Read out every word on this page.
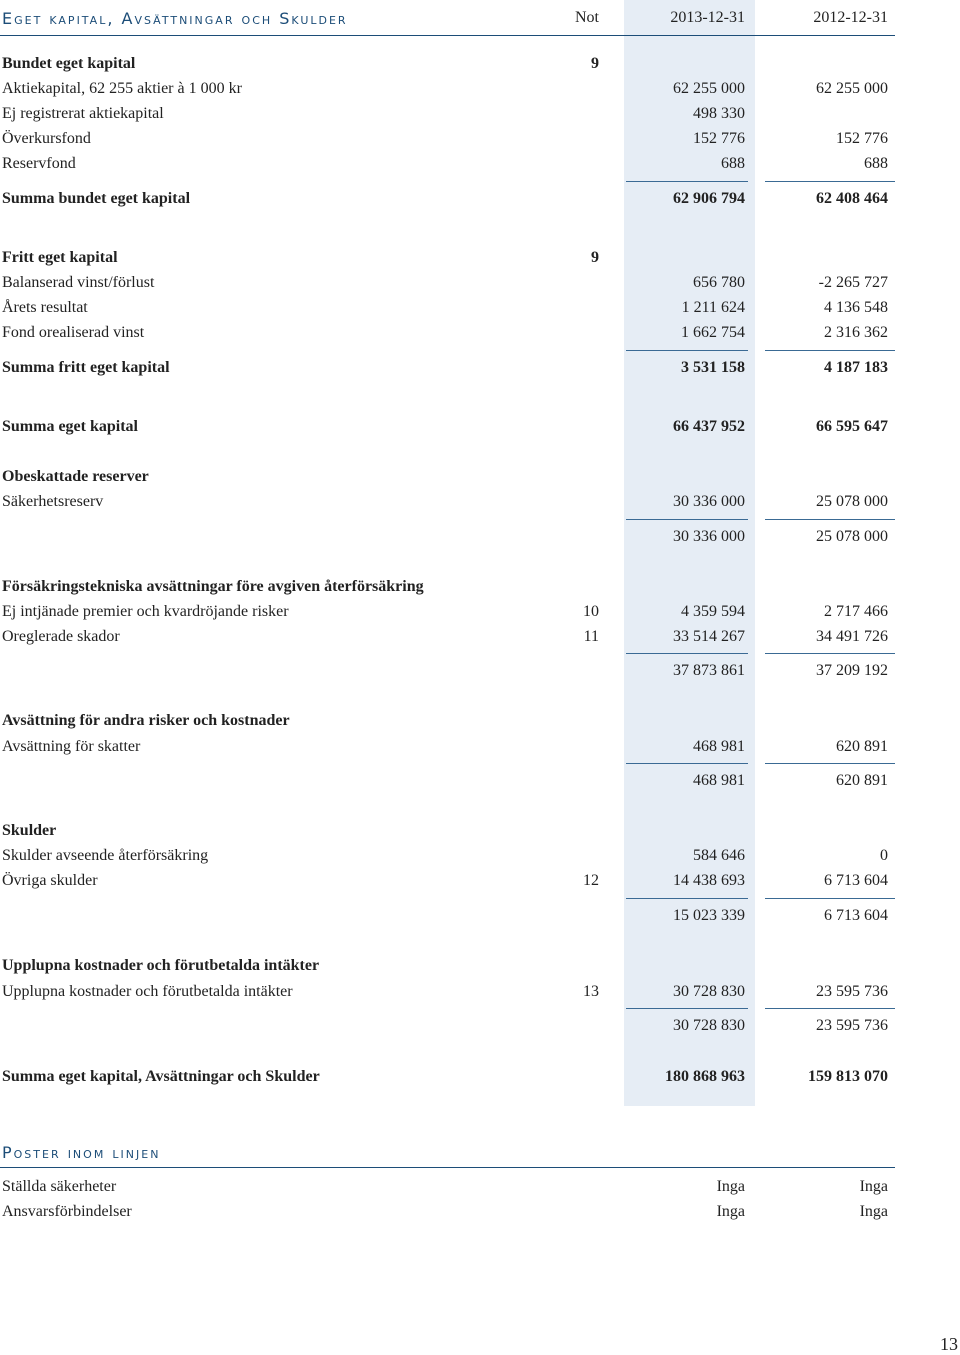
Eget kapital, Avsättningar och Skulder	Not	2013-12-31	2012-12-31
Bundet eget kapital	9
Aktiekapital, 62 255 aktier à 1 000 kr	62 255 000	62 255 000
Ej registrerat aktiekapital	498 330
Överkursfond	152 776	152 776
Reservfond	688	688
Summa bundet eget kapital	62 906 794	62 408 464
Fritt eget kapital	9
Balanserad vinst/förlust	656 780	-2 265 727
Årets resultat	1 211 624	4 136 548
Fond orealiserad vinst	1 662 754	2 316 362
Summa fritt eget kapital	3 531 158	4 187 183
Summa eget kapital	66 437 952	66 595 647
Obeskattade reserver
Säkerhetsreserv	30 336 000	25 078 000
30 336 000	25 078 000
Försäkringstekniska avsättningar före avgiven återförsäkring
Ej intjänade premier och kvardröjande risker	10	4 359 594	2 717 466
Oreglerade skador	11	33 514 267	34 491 726
37 873 861	37 209 192
Avsättning för andra risker och kostnader
Avsättning för skatter	468 981	620 891
468 981	620 891
Skulder
Skulder avseende återförsäkring	584 646	0
Övriga skulder	12	14 438 693	6 713 604
15 023 339	6 713 604
Upplupna kostnader och förutbetalda intäkter
Upplupna kostnader och förutbetalda intäkter	13	30 728 830	23 595 736
30 728 830	23 595 736
Summa eget kapital, Avsättningar och Skulder	180 868 963	159 813 070
Poster inom linjen
Ställda säkerheter	Inga	Inga
Ansvarsförbindelser	Inga	Inga
13
